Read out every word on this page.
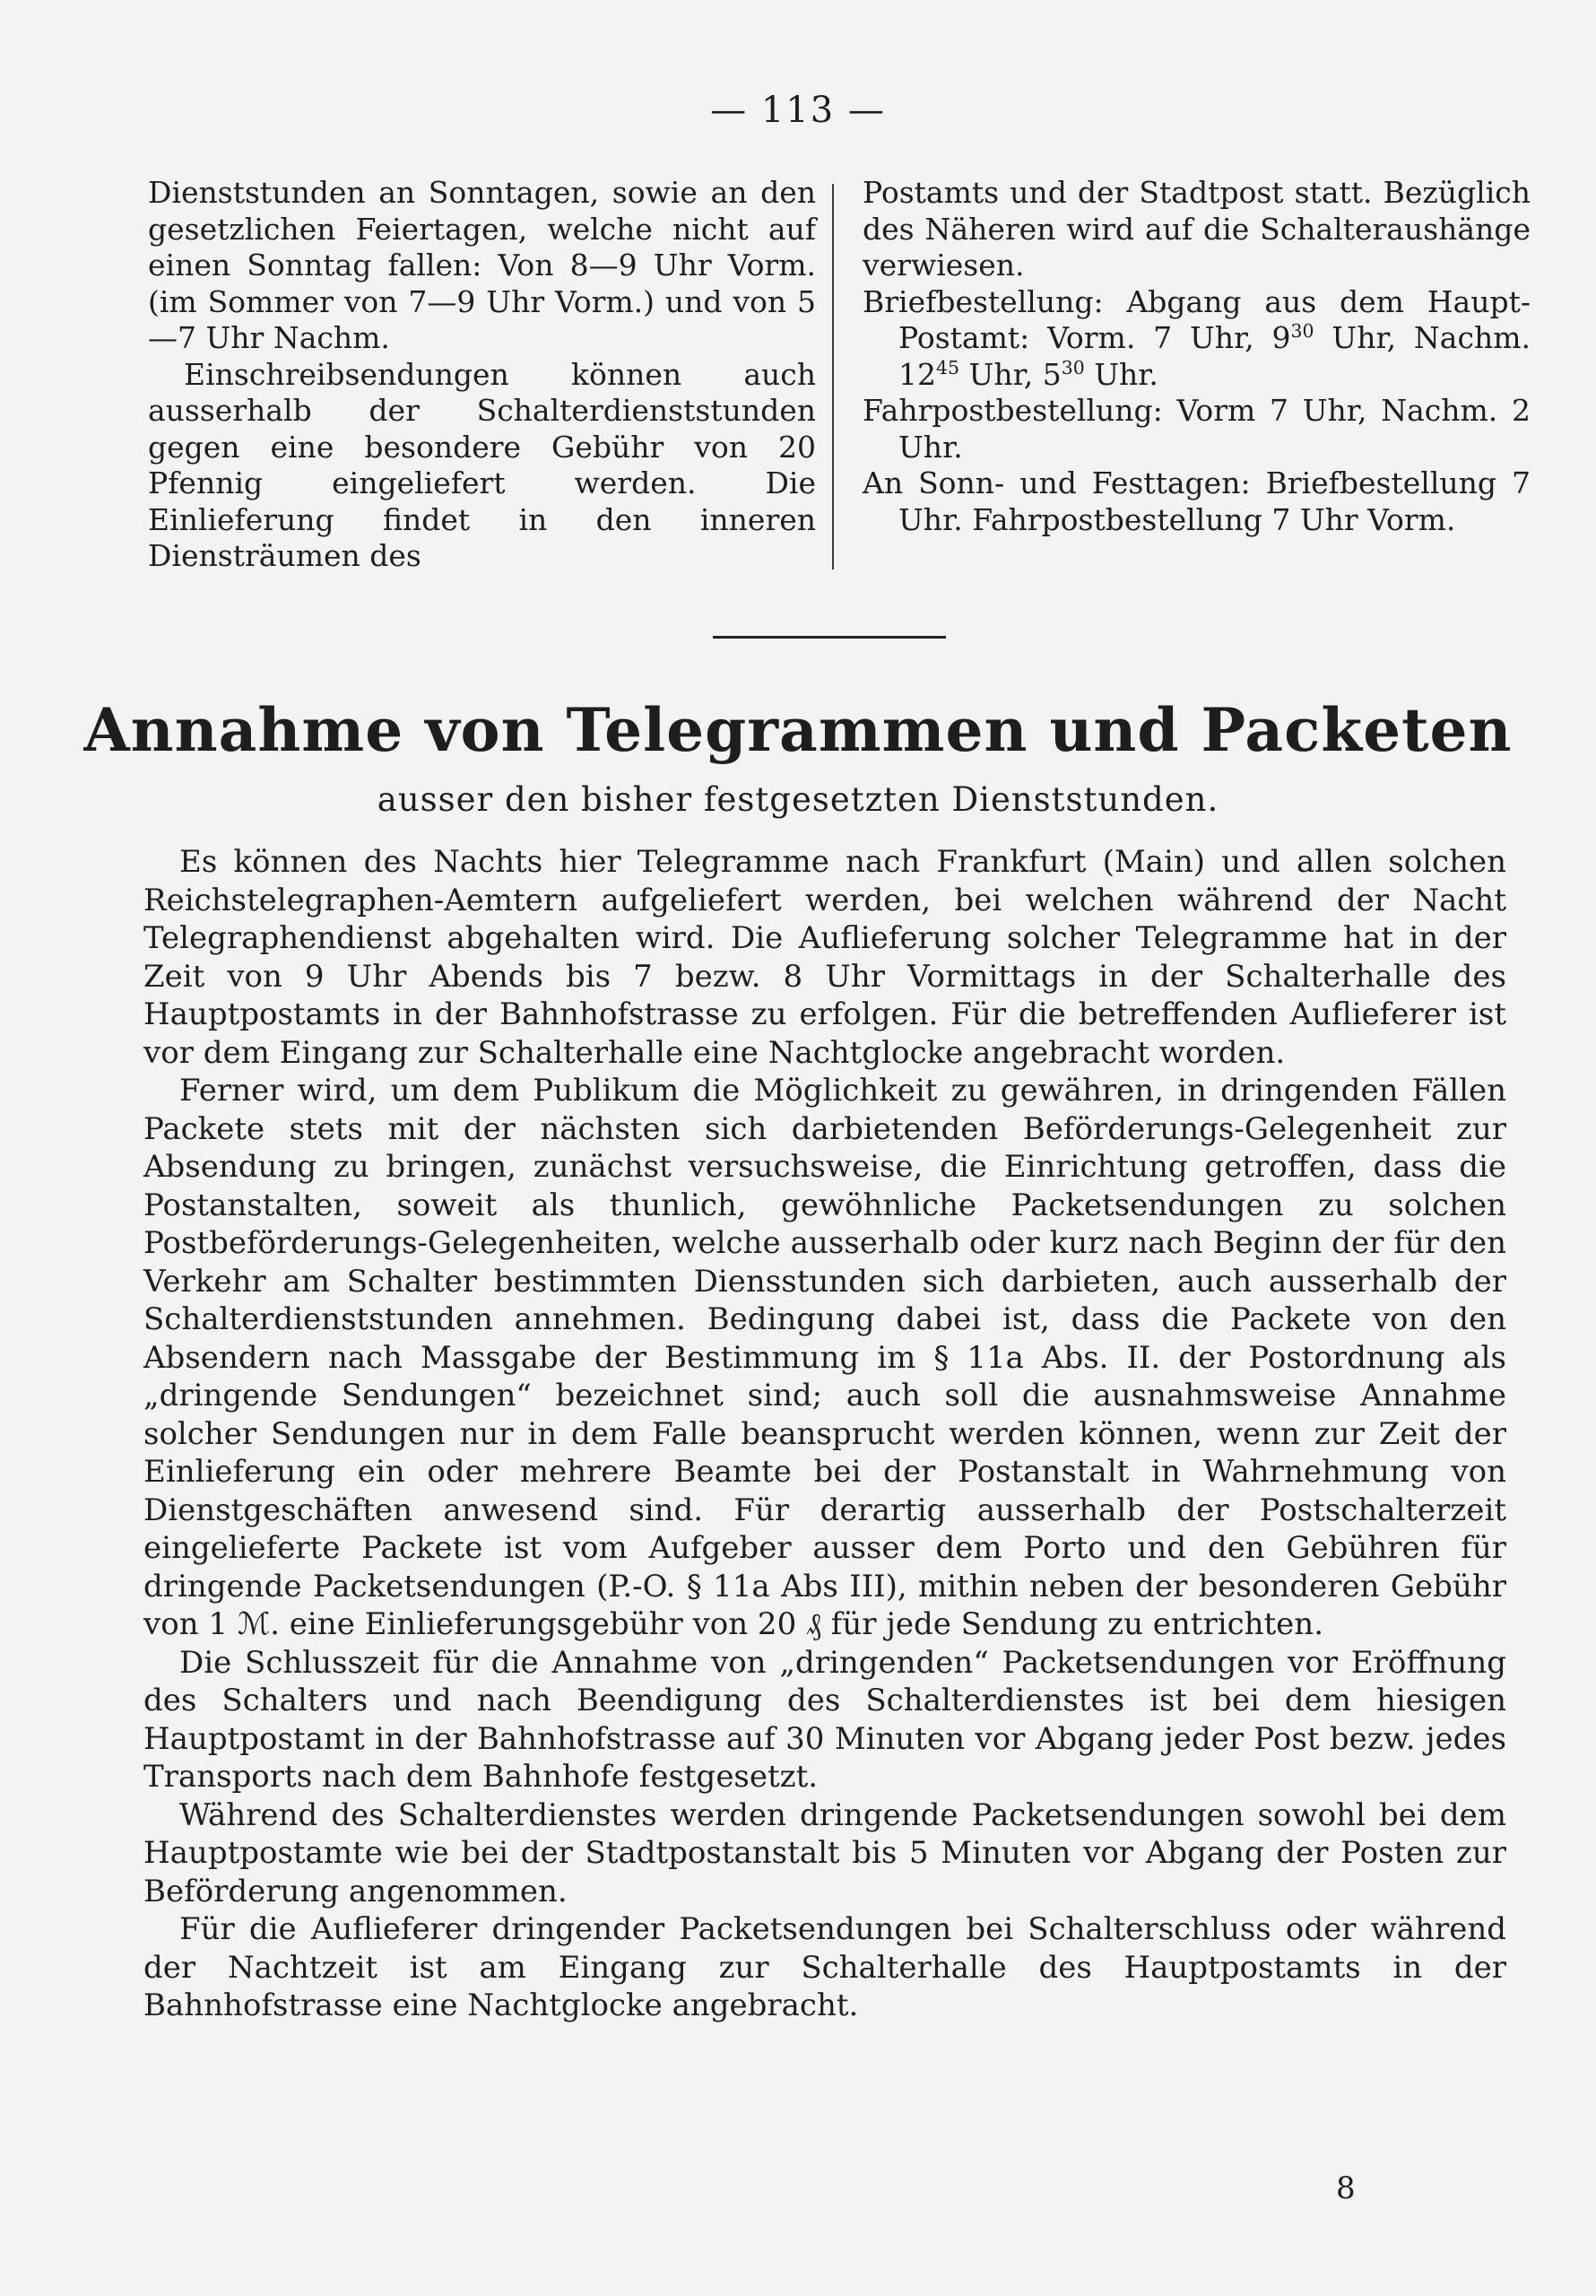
— 113 —

Dienststunden an Sonntagen, sowie an den gesetzlichen Feiertagen, welche nicht auf einen Sonntag fallen: Von 8—9 Uhr Vorm. (im Sommer von 7—9 Uhr Vorm.) und von 5—7 Uhr Nachm.

Einschreibsendungen können auch ausserhalb der Schalterdienststunden gegen eine besondere Gebühr von 20 Pfennig eingeliefert werden. Die Einlieferung findet in den inneren Diensträumen des

Postamts und der Stadtpost statt. Bezüglich des Näheren wird auf die Schalteraushänge verwiesen.

Briefbestellung: Abgang aus dem Haupt-Postamt: Vorm. 7 Uhr, $9^{30}$ Uhr, Nachm. $12^{45}$ Uhr, $5^{30}$ Uhr.

Fahrpostbestellung: Vorm 7 Uhr, Nachm. 2 Uhr.

An Sonn- und Festtagen: Briefbestellung 7 Uhr. Fahrpostbestellung 7 Uhr Vorm.

Annahme von Telegrammen und Packeten
ausser den bisher festgesetzten Dienststunden.

Es können des Nachts hier Telegramme nach Frankfurt (Main) und allen solchen Reichstelegraphen-Aemtern aufgeliefert werden, bei welchen während der Nacht Telegraphendienst abgehalten wird. Die Auflieferung solcher Telegramme hat in der Zeit von 9 Uhr Abends bis 7 bezw. 8 Uhr Vormittags in der Schalterhalle des Hauptpostamts in der Bahnhofstrasse zu erfolgen. Für die betreffenden Auflieferer ist vor dem Eingang zur Schalterhalle eine Nachtglocke angebracht worden.

Ferner wird, um dem Publikum die Möglichkeit zu gewähren, in dringenden Fällen Packete stets mit der nächsten sich darbietenden Beförderungs-Gelegenheit zur Absendung zu bringen, zunächst versuchsweise, die Einrichtung getroffen, dass die Postanstalten, soweit als thunlich, gewöhnliche Packetsendungen zu solchen Postbeförderungs-Gelegenheiten, welche ausserhalb oder kurz nach Beginn der für den Verkehr am Schalter bestimmten Diensstunden sich darbieten, auch ausserhalb der Schalterdienststunden annehmen. Bedingung dabei ist, dass die Packete von den Absendern nach Massgabe der Bestimmung im § 11a Abs. II. der Postordnung als „dringende Sendungen“ bezeichnet sind; auch soll die ausnahmsweise Annahme solcher Sendungen nur in dem Falle beansprucht werden können, wenn zur Zeit der Einlieferung ein oder mehrere Beamte bei der Postanstalt in Wahrnehmung von Dienstgeschäften anwesend sind. Für derartig ausserhalb der Postschalterzeit eingelieferte Packete ist vom Aufgeber ausser dem Porto und den Gebühren für dringende Packetsendungen (P.-O. § 11a Abs III), mithin neben der besonderen Gebühr von 1 ℳ. eine Einlieferungsgebühr von 20 ₰ für jede Sendung zu entrichten.

Die Schlusszeit für die Annahme von „dringenden“ Packetsendungen vor Eröffnung des Schalters und nach Beendigung des Schalterdienstes ist bei dem hiesigen Hauptpostamt in der Bahnhofstrasse auf 30 Minuten vor Abgang jeder Post bezw. jedes Transports nach dem Bahnhofe festgesetzt.

Während des Schalterdienstes werden dringende Packetsendungen sowohl bei dem Hauptpostamte wie bei der Stadtpostanstalt bis 5 Minuten vor Abgang der Posten zur Beförderung angenommen.

Für die Auflieferer dringender Packetsendungen bei Schalterschluss oder während der Nachtzeit ist am Eingang zur Schalterhalle des Hauptpostamts in der Bahnhofstrasse eine Nachtglocke angebracht.

8
